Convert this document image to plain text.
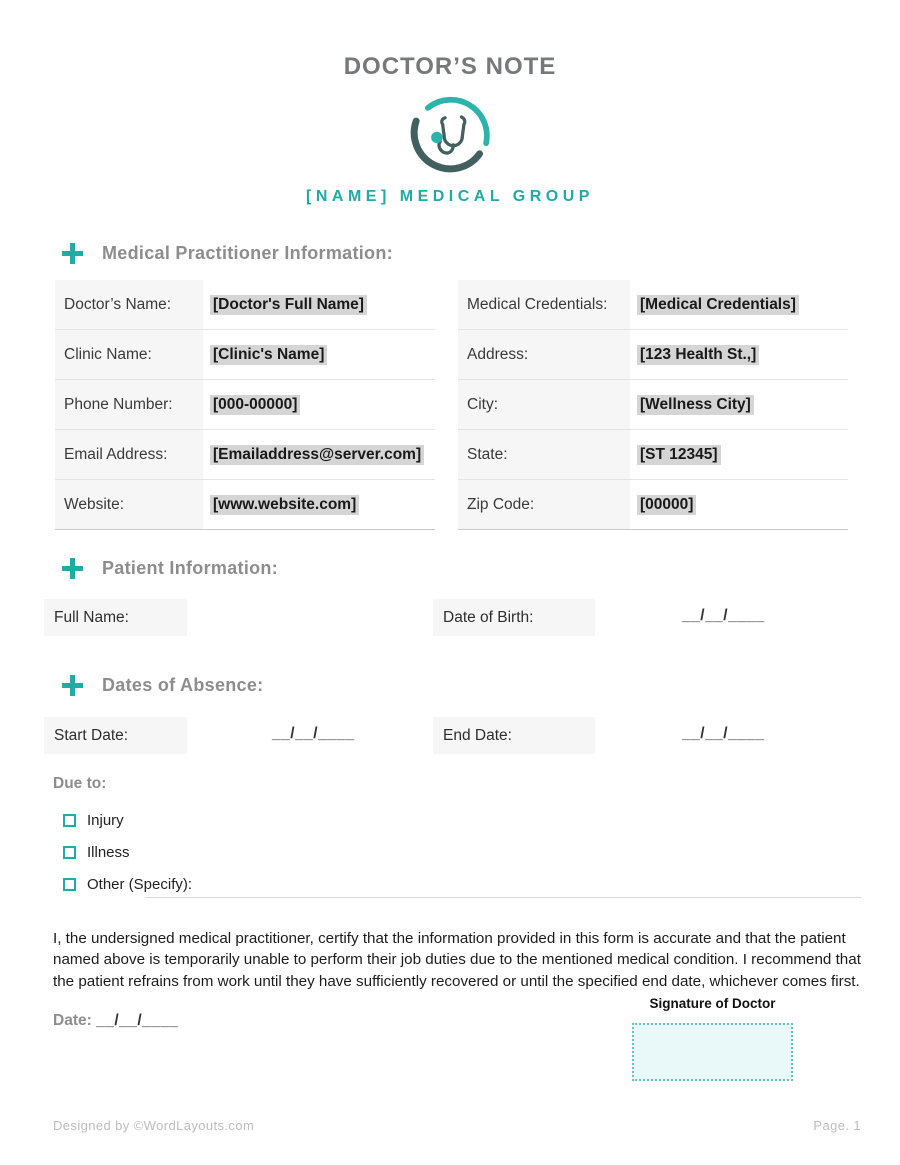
DOCTOR’S NOTE
[NAME] MEDICAL GROUP
Medical Practitioner Information:
Doctor’s Name:	[Doctor's Full Name]
Clinic Name:	[Clinic's Name]
Phone Number:	[000-00000]
Email Address:	[Emailaddress@server.com]
Website:	[www.website.com]
Medical Credentials:	[Medical Credentials]
Address:	[123 Health St.,]
City:	[Wellness City]
State:	[ST 12345]
Zip Code:	[00000]
Patient Information:
Full Name:	Date of Birth:	__/__/____
Dates of Absence:
Start Date:	__/__/____	End Date:	__/__/____
Due to:
Injury
Illness
Other (Specify):

I, the undersigned medical practitioner, certify that the information provided in this form is accurate and that the patient named above is temporarily unable to perform their job duties due to the mentioned medical condition. I recommend that the patient refrains from work until they have sufficiently recovered or until the specified end date, whichever comes first.

Date: __/__/____
Signature of Doctor
Designed by ©WordLayouts.com	Page. 1
